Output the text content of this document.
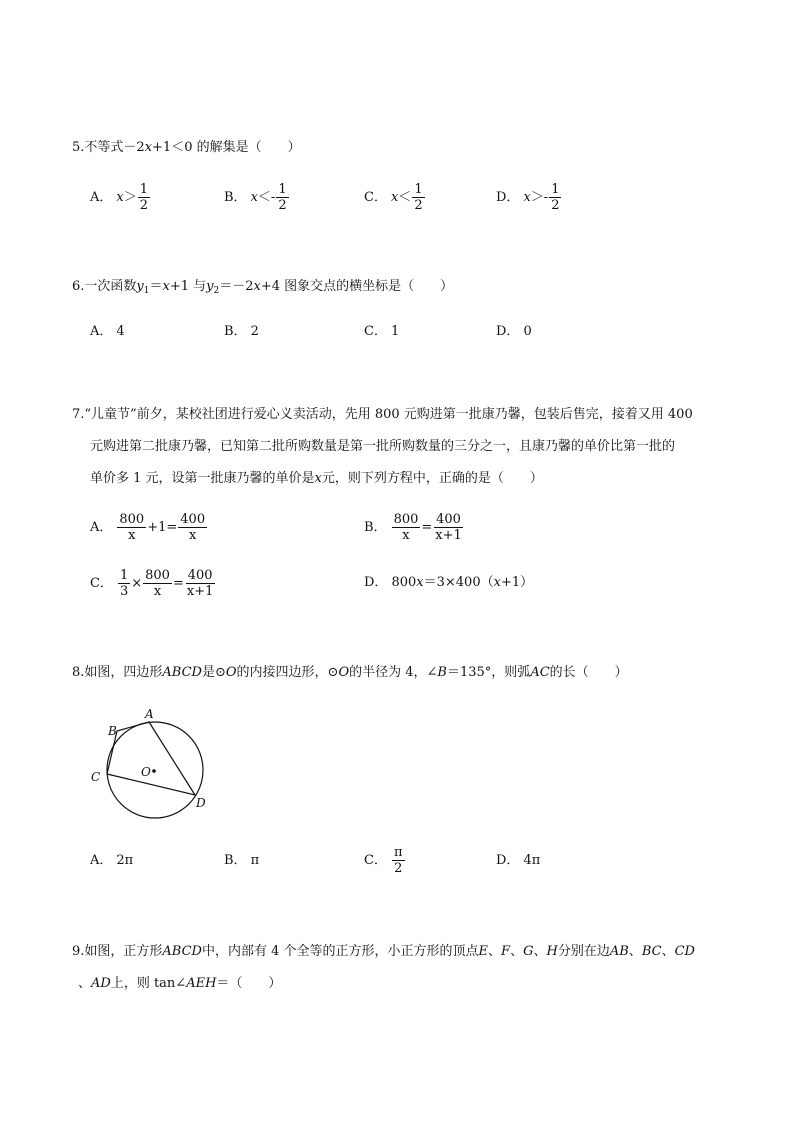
5.不等式－2x+1＜0 的解集是（　　）
A． $x > \frac{1}{2}$	B． $x <- \frac{1}{2}$	C． $x < \frac{1}{2}$	D． $x >- \frac{1}{2}$
6.一次函数$y_1=x+1$ 与$y_2=-2x+4$ 图象交点的横坐标是（　　）
A． 4	B． 2	C． 1	D． 0
7.“儿童节”前夕，某校社团进行爱心义卖活动，先用 800 元购进第一批康乃馨，包装后售完，接着又用 400
元购进第二批康乃馨，已知第二批所购数量是第一批所购数量的三分之一，且康乃馨的单价比第一批的
单价多 1 元，设第一批康乃馨的单价是x元，则下列方程中，正确的是（　　）
A． $\frac{800}{x} +1= \frac{400}{x}$	B． $\frac{800}{x} = \frac{400}{x+1}$
C． $\frac{1}{3} \times \frac{800}{x} = \frac{400}{x+1}$	D． 800 x ＝3×400（ x +1）
8.如图，四边形ABCD是⊙O的内接四边形，⊙O的半径为 4，∠B＝135°，则弧AC的长（　　）
A
B
C
D
O
A． 2π	B． π	C． $\frac{\pi}{2}$	D． 4π
9.如图，正方形ABCD中，内部有 4 个全等的正方形，小正方形的顶点E、F、G、H分别在边AB、BC、CD
、AD上，则 tan∠AEH＝（　　）
